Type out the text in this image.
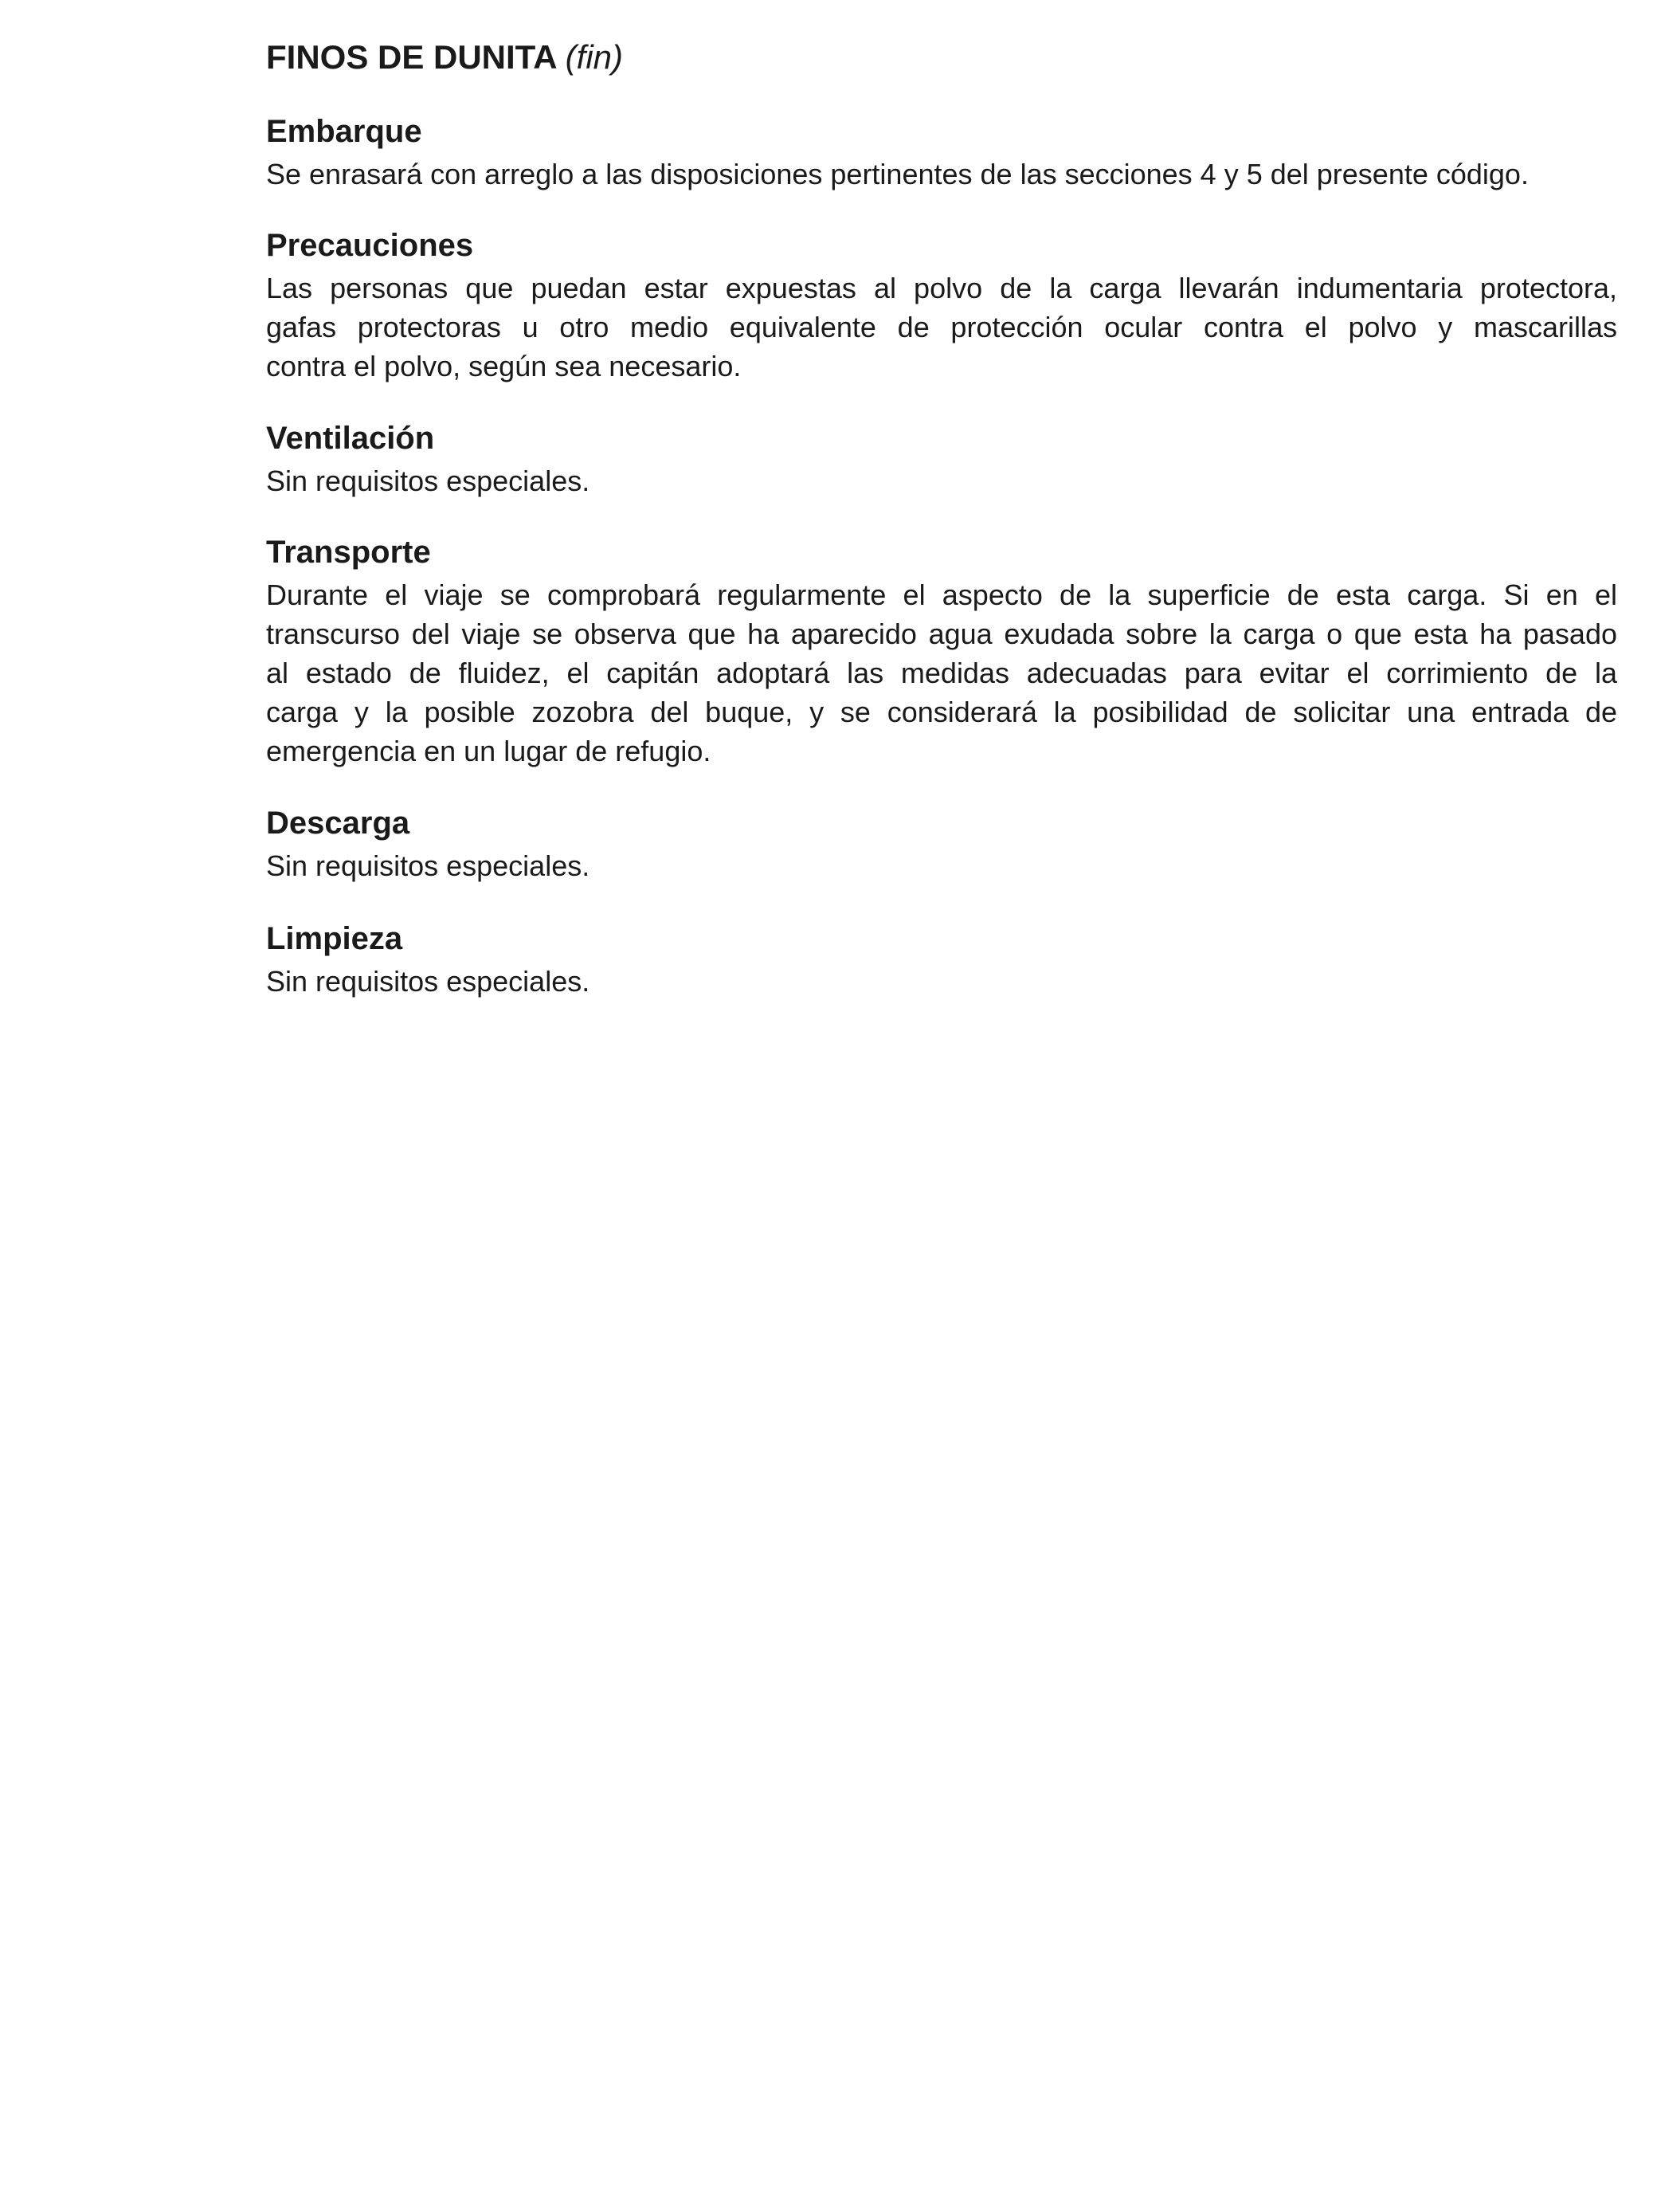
FINOS DE DUNITA (fin)
Embarque
Se enrasará con arreglo a las disposiciones pertinentes de las secciones 4 y 5 del presente código.
Precauciones
Las personas que puedan estar expuestas al polvo de la carga llevarán indumentaria protectora,
gafas protectoras u otro medio equivalente de protección ocular contra el polvo y mascarillas
contra el polvo, según sea necesario.
Ventilación
Sin requisitos especiales.
Transporte
Durante el viaje se comprobará regularmente el aspecto de la superficie de esta carga. Si en el
transcurso del viaje se observa que ha aparecido agua exudada sobre la carga o que esta ha pasado
al estado de fluidez, el capitán adoptará las medidas adecuadas para evitar el corrimiento de la
carga y la posible zozobra del buque, y se considerará la posibilidad de solicitar una entrada de
emergencia en un lugar de refugio.
Descarga
Sin requisitos especiales.
Limpieza
Sin requisitos especiales.
